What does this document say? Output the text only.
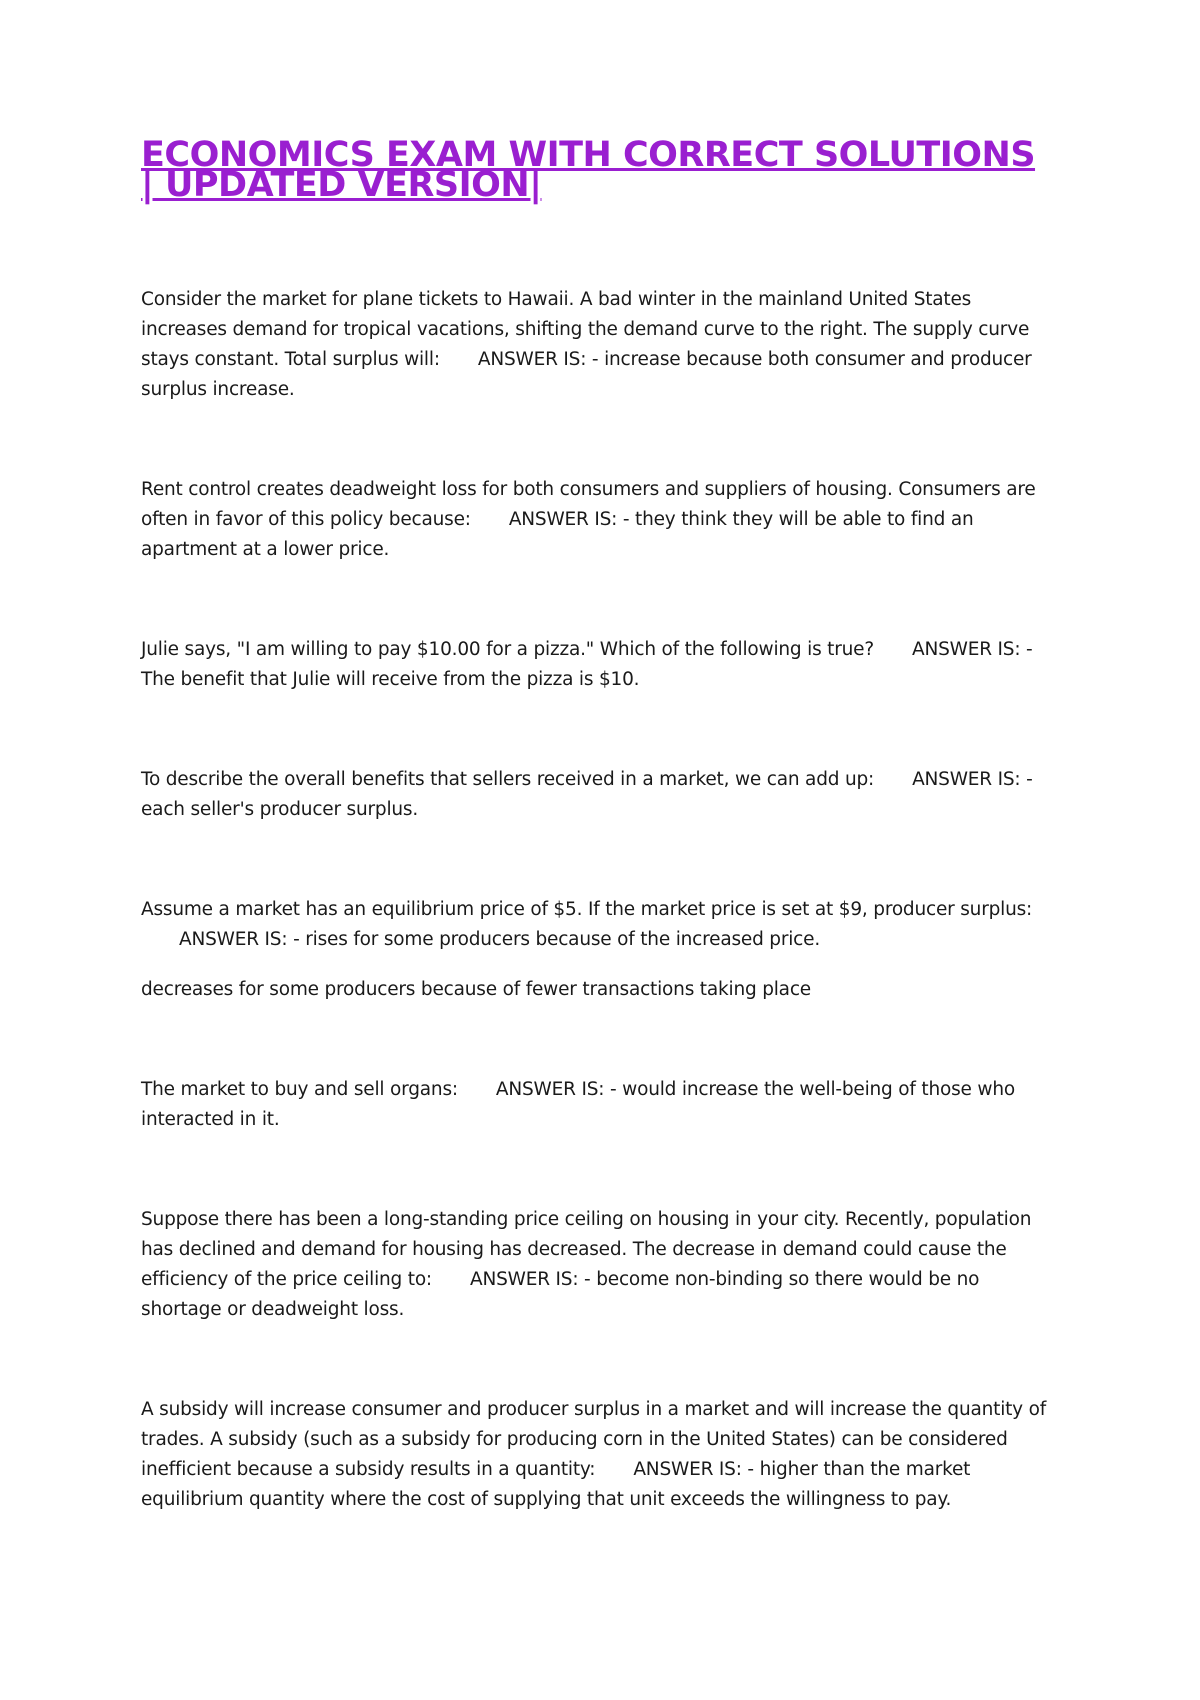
ECONOMICS EXAM WITH CORRECT SOLUTIONS | UPDATED VERSION|

Consider the market for plane tickets to Hawaii. A bad winter in the mainland United States increases demand for tropical vacations, shifting the demand curve to the right. The supply curve stays constant. Total surplus will: ANSWER IS: - increase because both consumer and producer surplus increase.

Rent control creates deadweight loss for both consumers and suppliers of housing. Consumers are often in favor of this policy because: ANSWER IS: - they think they will be able to find an apartment at a lower price.

Julie says, "I am willing to pay $10.00 for a pizza." Which of the following is true? ANSWER IS: - The benefit that Julie will receive from the pizza is $10.

To describe the overall benefits that sellers received in a market, we can add up: ANSWER IS: - each seller's producer surplus.

Assume a market has an equilibrium price of $5. If the market price is set at $9, producer surplus:ANSWER IS: - rises for some producers because of the increased price.

decreases for some producers because of fewer transactions taking place

The market to buy and sell organs: ANSWER IS: - would increase the well-being of those who interacted in it.

Suppose there has been a long-standing price ceiling on housing in your city. Recently, population has declined and demand for housing has decreased. The decrease in demand could cause the efficiency of the price ceiling to: ANSWER IS: - become non-binding so there would be no shortage or deadweight loss.

A subsidy will increase consumer and producer surplus in a market and will increase the quantity of trades. A subsidy (such as a subsidy for producing corn in the United States) can be considered inefficient because a subsidy results in a quantity: ANSWER IS: - higher than the market equilibrium quantity where the cost of supplying that unit exceeds the willingness to pay.
